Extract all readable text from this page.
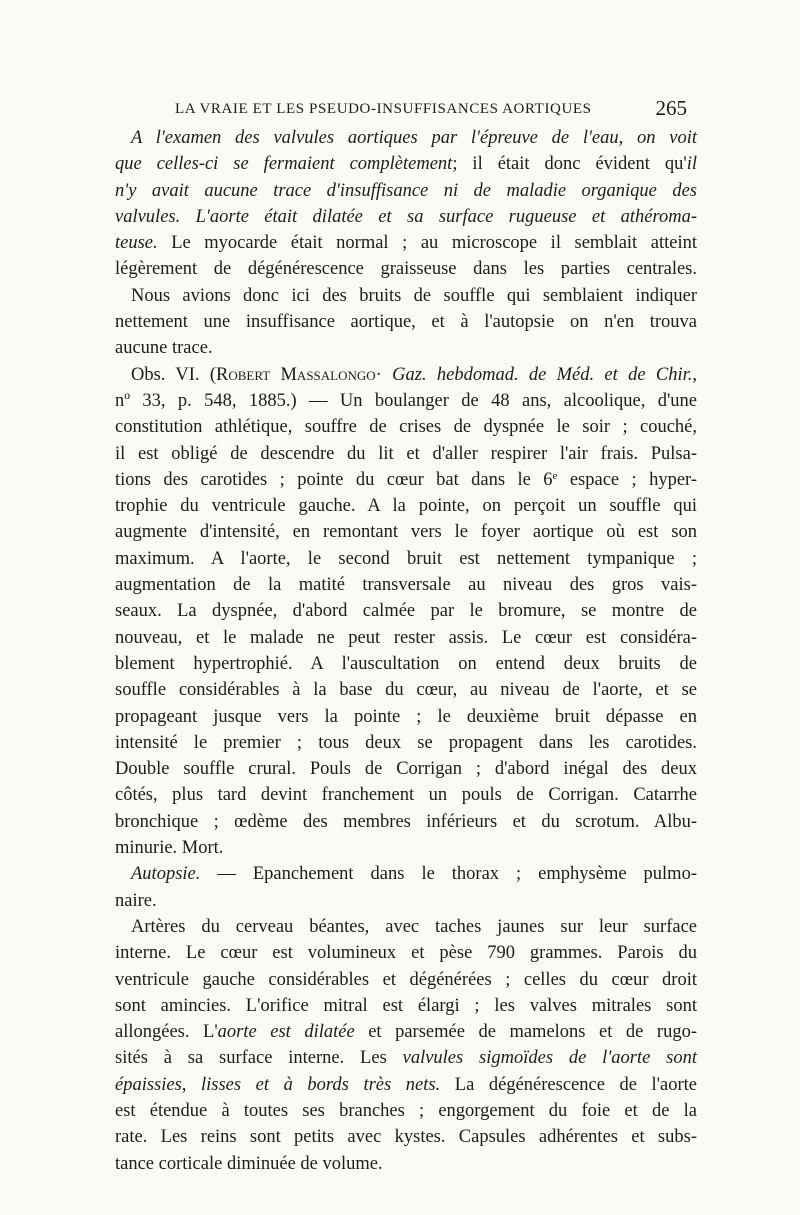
LA VRAIE ET LES PSEUDO-INSUFFISANCES AORTIQUES	265
A l'examen des valvules aortiques par l'épreuve de l'eau, on voit
que celles-ci se fermaient complètement; il était donc évident qu'il
n'y avait aucune trace d'insuffisance ni de maladie organique des
valvules. L'aorte était dilatée et sa surface rugueuse et athéroma-
teuse. Le myocarde était normal ; au microscope il semblait atteint
légèrement de dégénérescence graisseuse dans les parties centrales.
Nous avions donc ici des bruits de souffle qui semblaient indiquer
nettement une insuffisance aortique, et à l'autopsie on n'en trouva
aucune trace.
Obs. VI. (Robert Massalongo· Gaz. hebdomad. de Méd. et de Chir.,
nº 33, p. 548, 1885.) — Un boulanger de 48 ans, alcoolique, d'une
constitution athlétique, souffre de crises de dyspnée le soir ; couché,
il est obligé de descendre du lit et d'aller respirer l'air frais. Pulsa-
tions des carotides ; pointe du cœur bat dans le 6e espace ; hyper-
trophie du ventricule gauche. A la pointe, on perçoit un souffle qui
augmente d'intensité, en remontant vers le foyer aortique où est son
maximum. A l'aorte, le second bruit est nettement tympanique ;
augmentation de la matité transversale au niveau des gros vais-
seaux. La dyspnée, d'abord calmée par le bromure, se montre de
nouveau, et le malade ne peut rester assis. Le cœur est considéra-
blement hypertrophié. A l'auscultation on entend deux bruits de
souffle considérables à la base du cœur, au niveau de l'aorte, et se
propageant jusque vers la pointe ; le deuxième bruit dépasse en
intensité le premier ; tous deux se propagent dans les carotides.
Double souffle crural. Pouls de Corrigan ; d'abord inégal des deux
côtés, plus tard devint franchement un pouls de Corrigan. Catarrhe
bronchique ; œdème des membres inférieurs et du scrotum. Albu-
minurie. Mort.
Autopsie. — Epanchement dans le thorax ; emphysème pulmo-
naire.
Artères du cerveau béantes, avec taches jaunes sur leur surface
interne. Le cœur est volumineux et pèse 790 grammes. Parois du
ventricule gauche considérables et dégénérées ; celles du cœur droit
sont amincies. L'orifice mitral est élargi ; les valves mitrales sont
allongées. L'aorte est dilatée et parsemée de mamelons et de rugo-
sités à sa surface interne. Les valvules sigmoïdes de l'aorte sont
épaissies, lisses et à bords très nets. La dégénérescence de l'aorte
est étendue à toutes ses branches ; engorgement du foie et de la
rate. Les reins sont petits avec kystes. Capsules adhérentes et subs-
tance corticale diminuée de volume.
